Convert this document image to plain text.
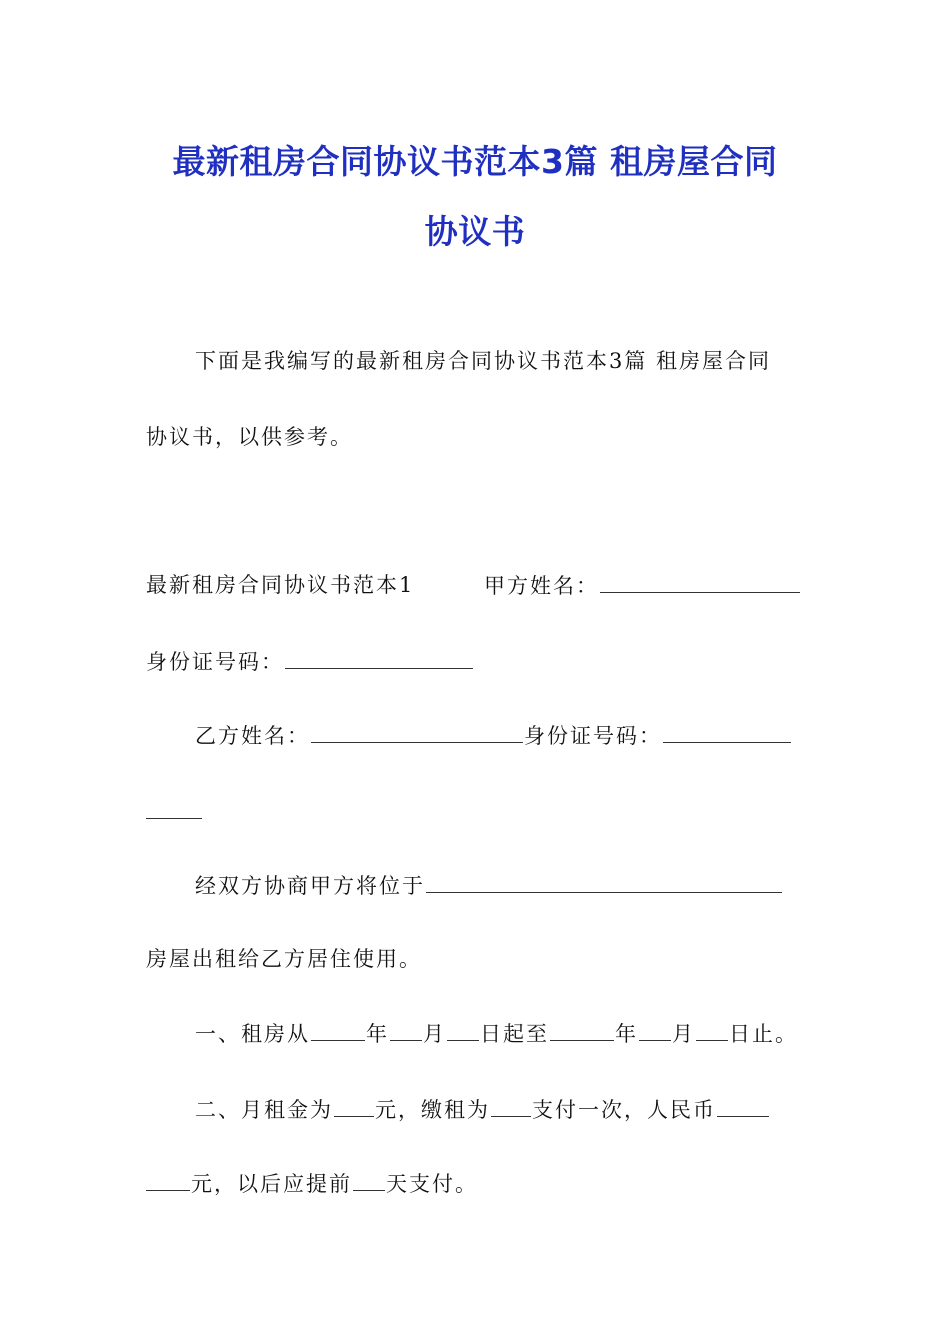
最新租房合同协议书范本3篇 租房屋合同
协议书
下面是我编写的最新租房合同协议书范本3篇 租房屋合同
协议书，以供参考。
最新租房合同协议书范本1	甲方姓名：
身份证号码：
乙方姓名：	身份证号码：
经双方协商甲方将位于
房屋出租给乙方居住使用。
一、租房从	年 月 日起至	年 月 日止。
二、月租金为 元，缴租为 支付一次，人民币
元，以后应提前 天支付。
